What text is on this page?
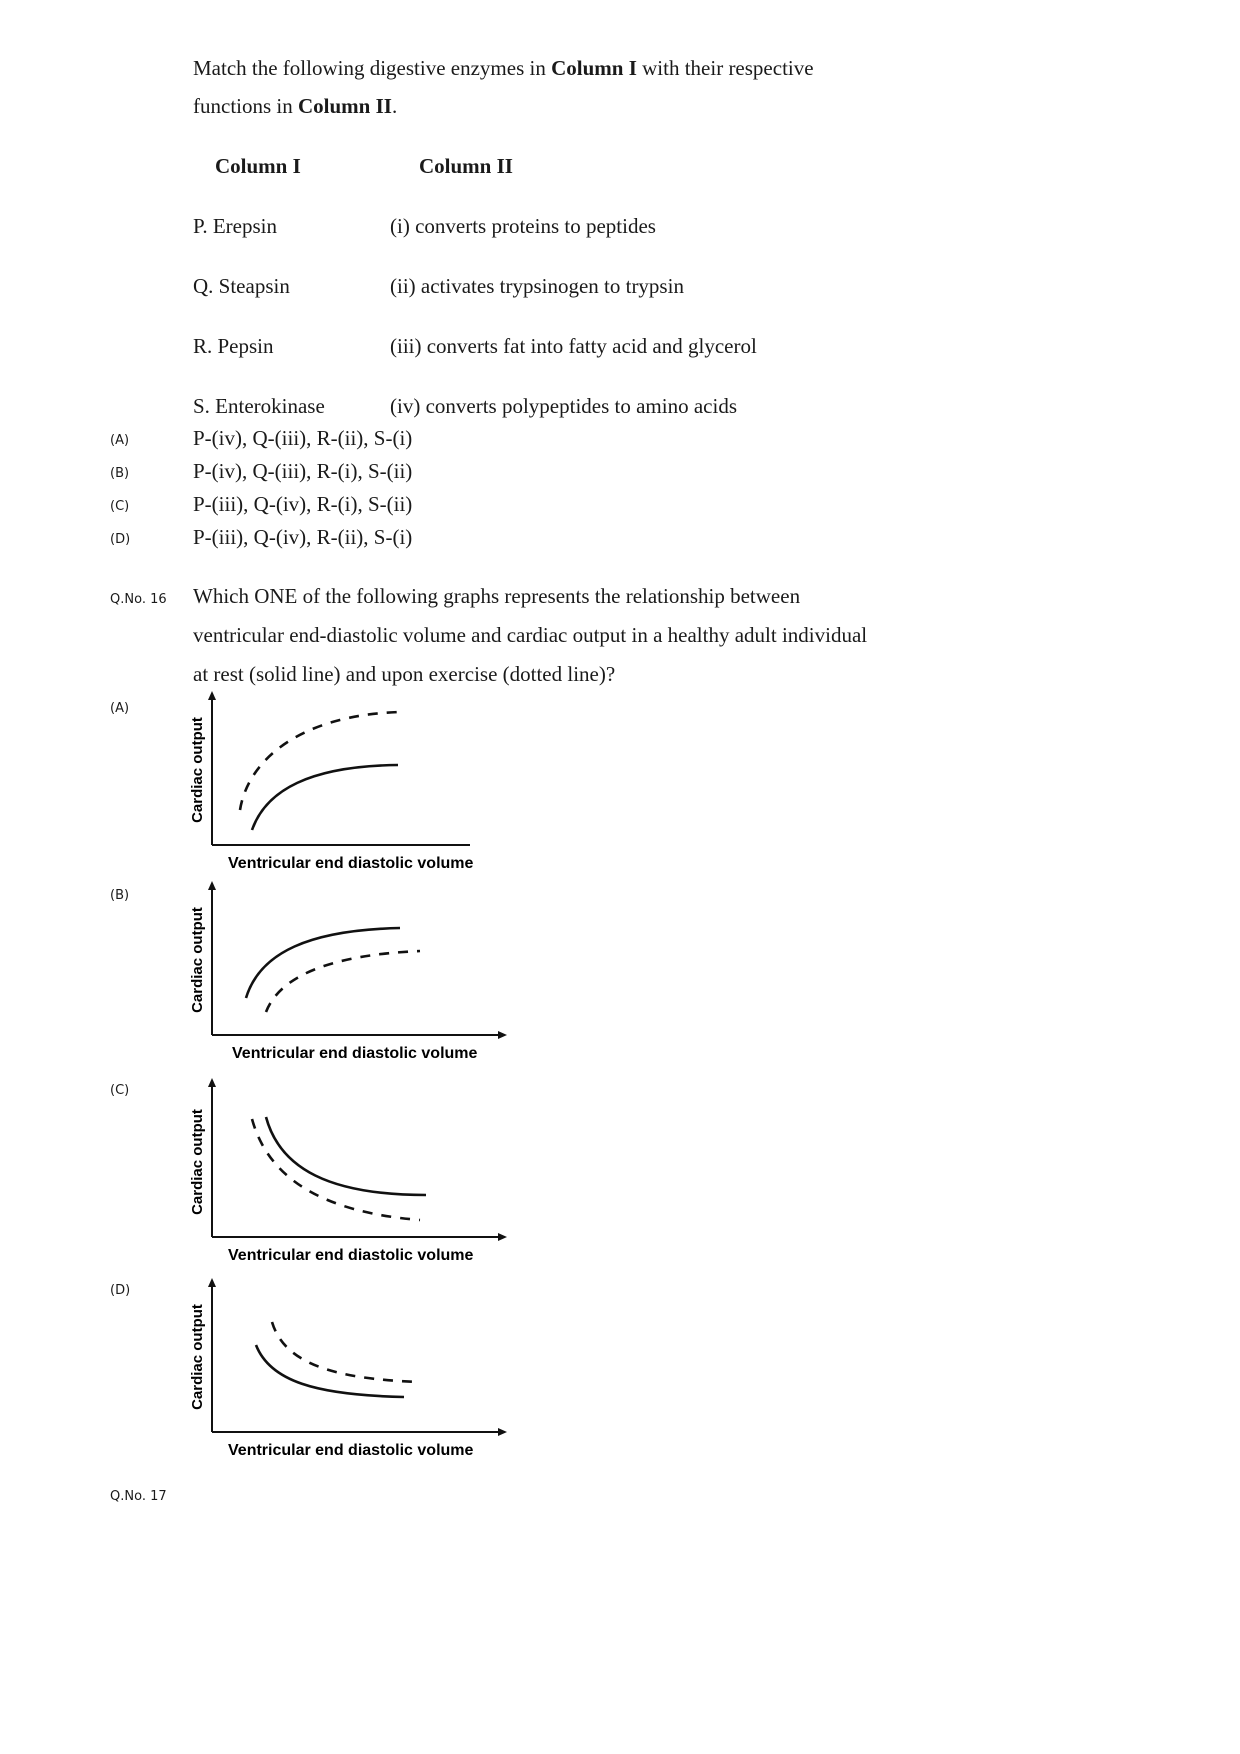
Match the following digestive enzymes in Column I with their respective
functions in Column II.
Column I	Column II
P. Erepsin	(i) converts proteins to peptides
Q. Steapsin	(ii) activates trypsinogen to trypsin
R. Pepsin	(iii) converts fat into fatty acid and glycerol
S. Enterokinase	(iv) converts polypeptides to amino acids
(A)	P-(iv), Q-(iii), R-(ii), S-(i)
(B)	P-(iv), Q-(iii), R-(i), S-(ii)
(C)	P-(iii), Q-(iv), R-(i), S-(ii)
(D)	P-(iii), Q-(iv), R-(ii), S-(i)
Q.No. 16 Which ONE of the following graphs represents the relationship between
ventricular end-diastolic volume and cardiac output in a healthy adult individual
at rest (solid line) and upon exercise (dotted line)?
(A)
(B)
(C)
(D)
Cardiac output
Ventricular end diastolic volume
Cardiac output
Ventricular end diastolic volume
Cardiac output
Ventricular end diastolic volume
Cardiac output
Ventricular end diastolic volume
Q.No. 17
